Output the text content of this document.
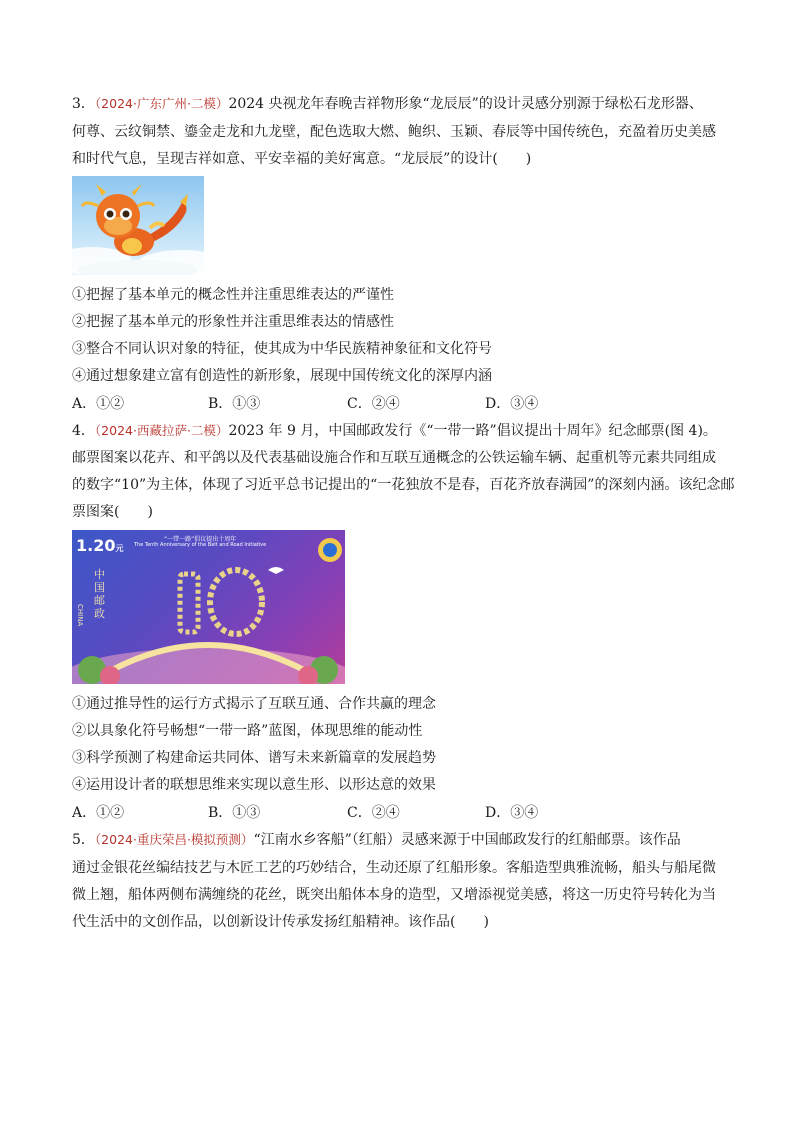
3．（2024·广东广州·二模）2024 央视龙年春晚吉祥物形象“龙辰辰”的设计灵感分别源于绿松石龙形器、
何尊、云纹铜禁、鎏金走龙和九龙壁，配色选取大燃、鲍织、玉颖、春辰等中国传统色，充盈着历史美感
和时代气息，呈现吉祥如意、平安幸福的美好寓意。“龙辰辰”的设计(　　)
①把握了基本单元的概念性并注重思维表达的严谨性
②把握了基本单元的形象性并注重思维表达的情感性
③整合不同认识对象的特征，使其成为中华民族精神象征和文化符号
④通过想象建立富有创造性的新形象，展现中国传统文化的深厚内涵
A．①②	B．①③	C．②④	D．③④
4．（2024·西藏拉萨·二模）2023 年 9 月，中国邮政发行《“一带一路”倡议提出十周年》纪念邮票(图 4)。
邮票图案以花卉、和平鸽以及代表基础设施合作和互联互通概念的公铁运输车辆、起重机等元素共同组成
的数字“10”为主体，体现了习近平总书记提出的“一花独放不是春，百花齐放春满园”的深刻内涵。该纪念邮
票图案(　　)
1.20元
“一带一路”倡议提出十周年
The Tenth Anniversary of the Belt and Road Initiative
CHINA
中国邮政
①通过推导性的运行方式揭示了互联互通、合作共赢的理念
②以具象化符号畅想“一带一路”蓝图，体现思维的能动性
③科学预测了构建命运共同体、谱写未来新篇章的发展趋势
④运用设计者的联想思维来实现以意生形、以形达意的效果
A．①②	B．①③	C．②④	D．③④
5．（2024·重庆荣昌·模拟预测）“江南水乡客船”（红船）灵感来源于中国邮政发行的红船邮票。该作品
通过金银花丝编结技艺与木匠工艺的巧妙结合，生动还原了红船形象。客船造型典雅流畅，船头与船尾微
微上翘，船体两侧布满缠绕的花丝，既突出船体本身的造型，又增添视觉美感，将这一历史符号转化为当
代生活中的文创作品，以创新设计传承发扬红船精神。该作品(　　)
